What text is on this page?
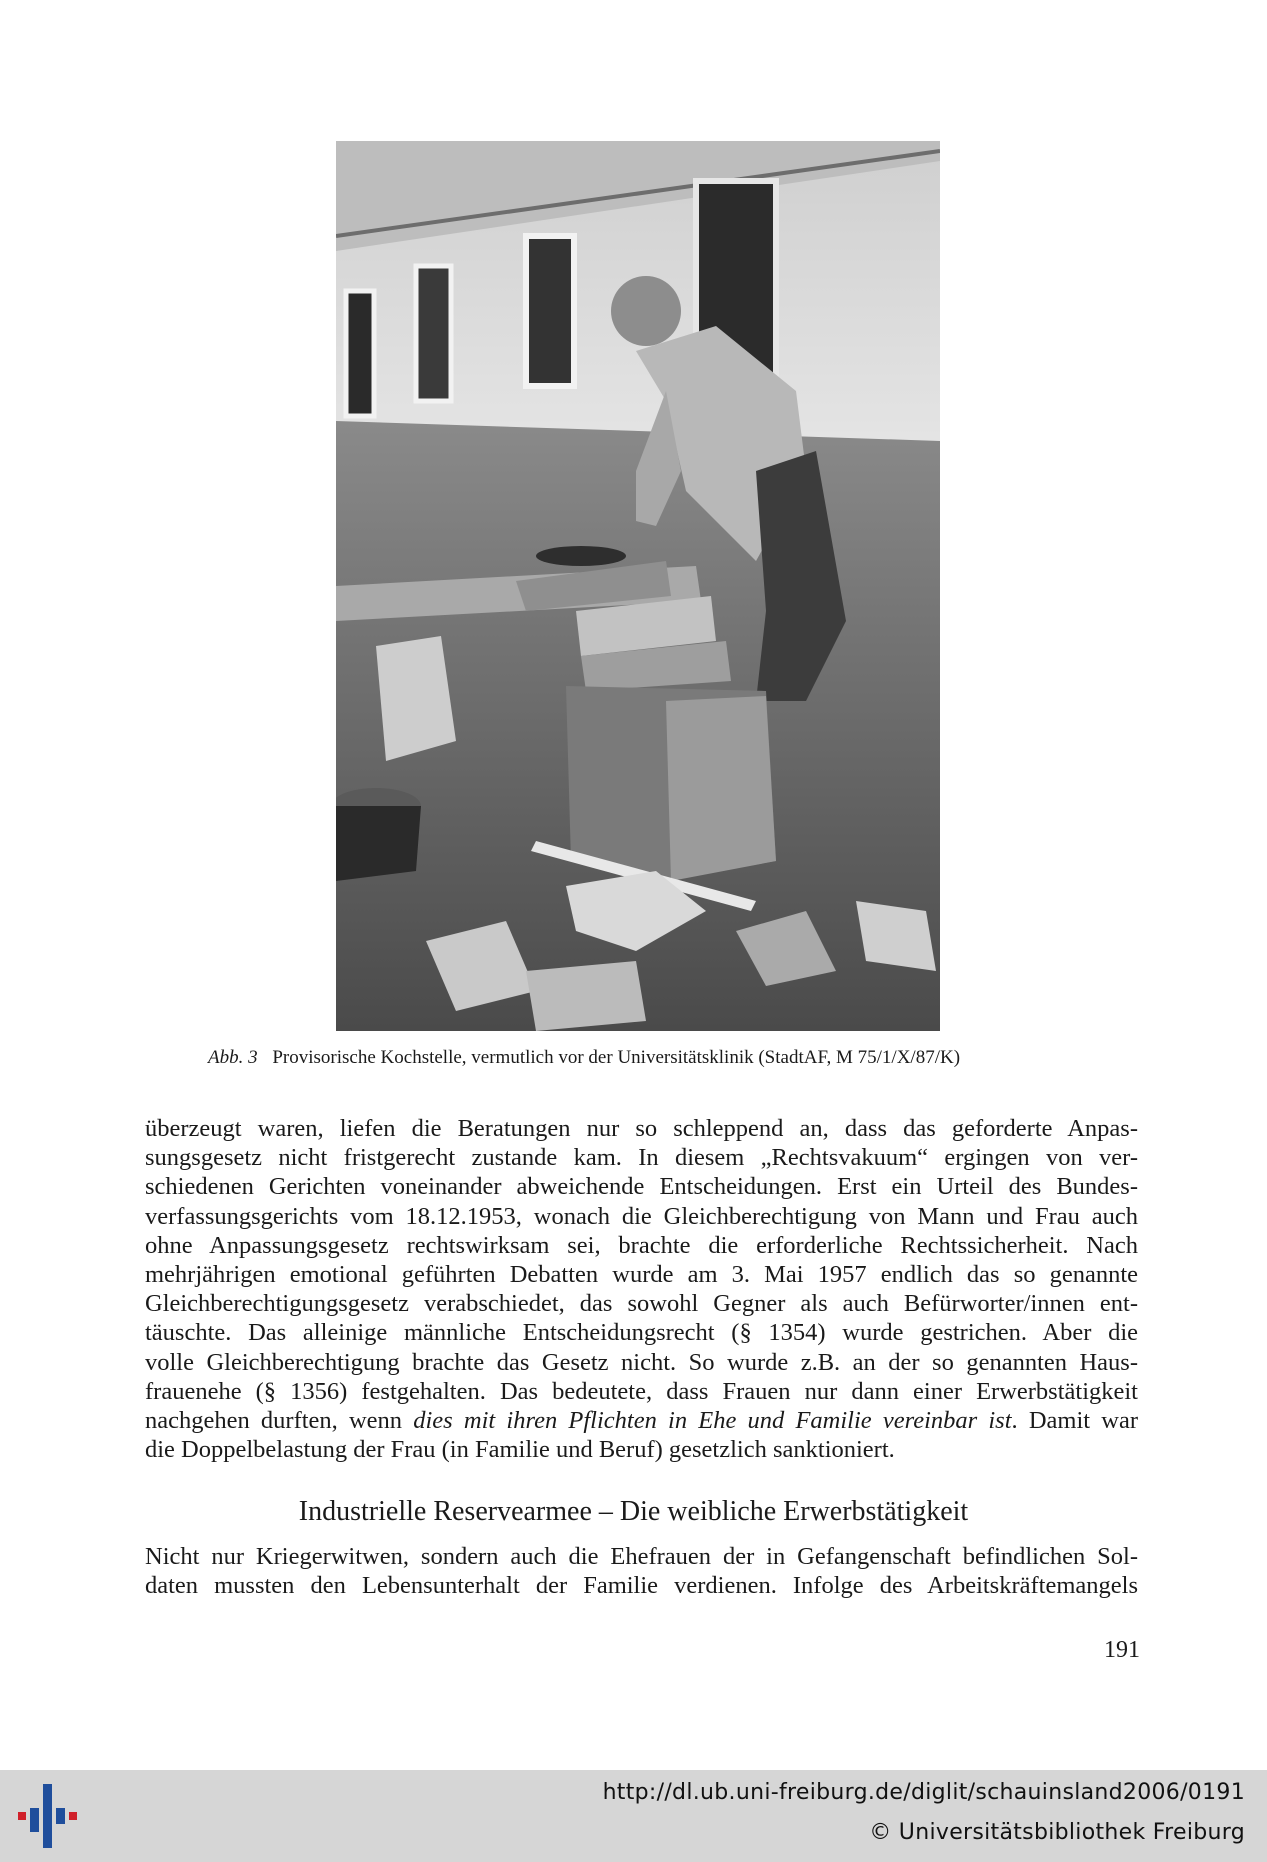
Abb. 3 Provisorische Kochstelle, vermutlich vor der Universitätsklinik (StadtAF, M 75/1/X/87/K)
überzeugt waren, liefen die Beratungen nur so schleppend an, dass das geforderte Anpas-
sungsgesetz nicht fristgerecht zustande kam. In diesem „Rechtsvakuum“ ergingen von ver-
schiedenen Gerichten voneinander abweichende Entscheidungen. Erst ein Urteil des Bundes-
verfassungsgerichts vom 18.12.1953, wonach die Gleichberechtigung von Mann und Frau auch
ohne Anpassungsgesetz rechtswirksam sei, brachte die erforderliche Rechtssicherheit. Nach
mehrjährigen emotional geführten Debatten wurde am 3. Mai 1957 endlich das so genannte
Gleichberechtigungsgesetz verabschiedet, das sowohl Gegner als auch Befürworter/innen ent-
täuschte. Das alleinige männliche Entscheidungsrecht (§ 1354) wurde gestrichen. Aber die
volle Gleichberechtigung brachte das Gesetz nicht. So wurde z.B. an der so genannten Haus-
frauenehe (§ 1356) festgehalten. Das bedeutete, dass Frauen nur dann einer Erwerbstätigkeit
nachgehen durften, wenn dies mit ihren Pflichten in Ehe und Familie vereinbar ist. Damit war
die Doppelbelastung der Frau (in Familie und Beruf) gesetzlich sanktioniert.
Industrielle Reservearmee – Die weibliche Erwerbstätigkeit
Nicht nur Kriegerwitwen, sondern auch die Ehefrauen der in Gefangenschaft befindlichen Sol-
daten mussten den Lebensunterhalt der Familie verdienen. Infolge des Arbeitskräftemangels
191
http://dl.ub.uni-freiburg.de/diglit/schauinsland2006/0191
© Universitätsbibliothek Freiburg
